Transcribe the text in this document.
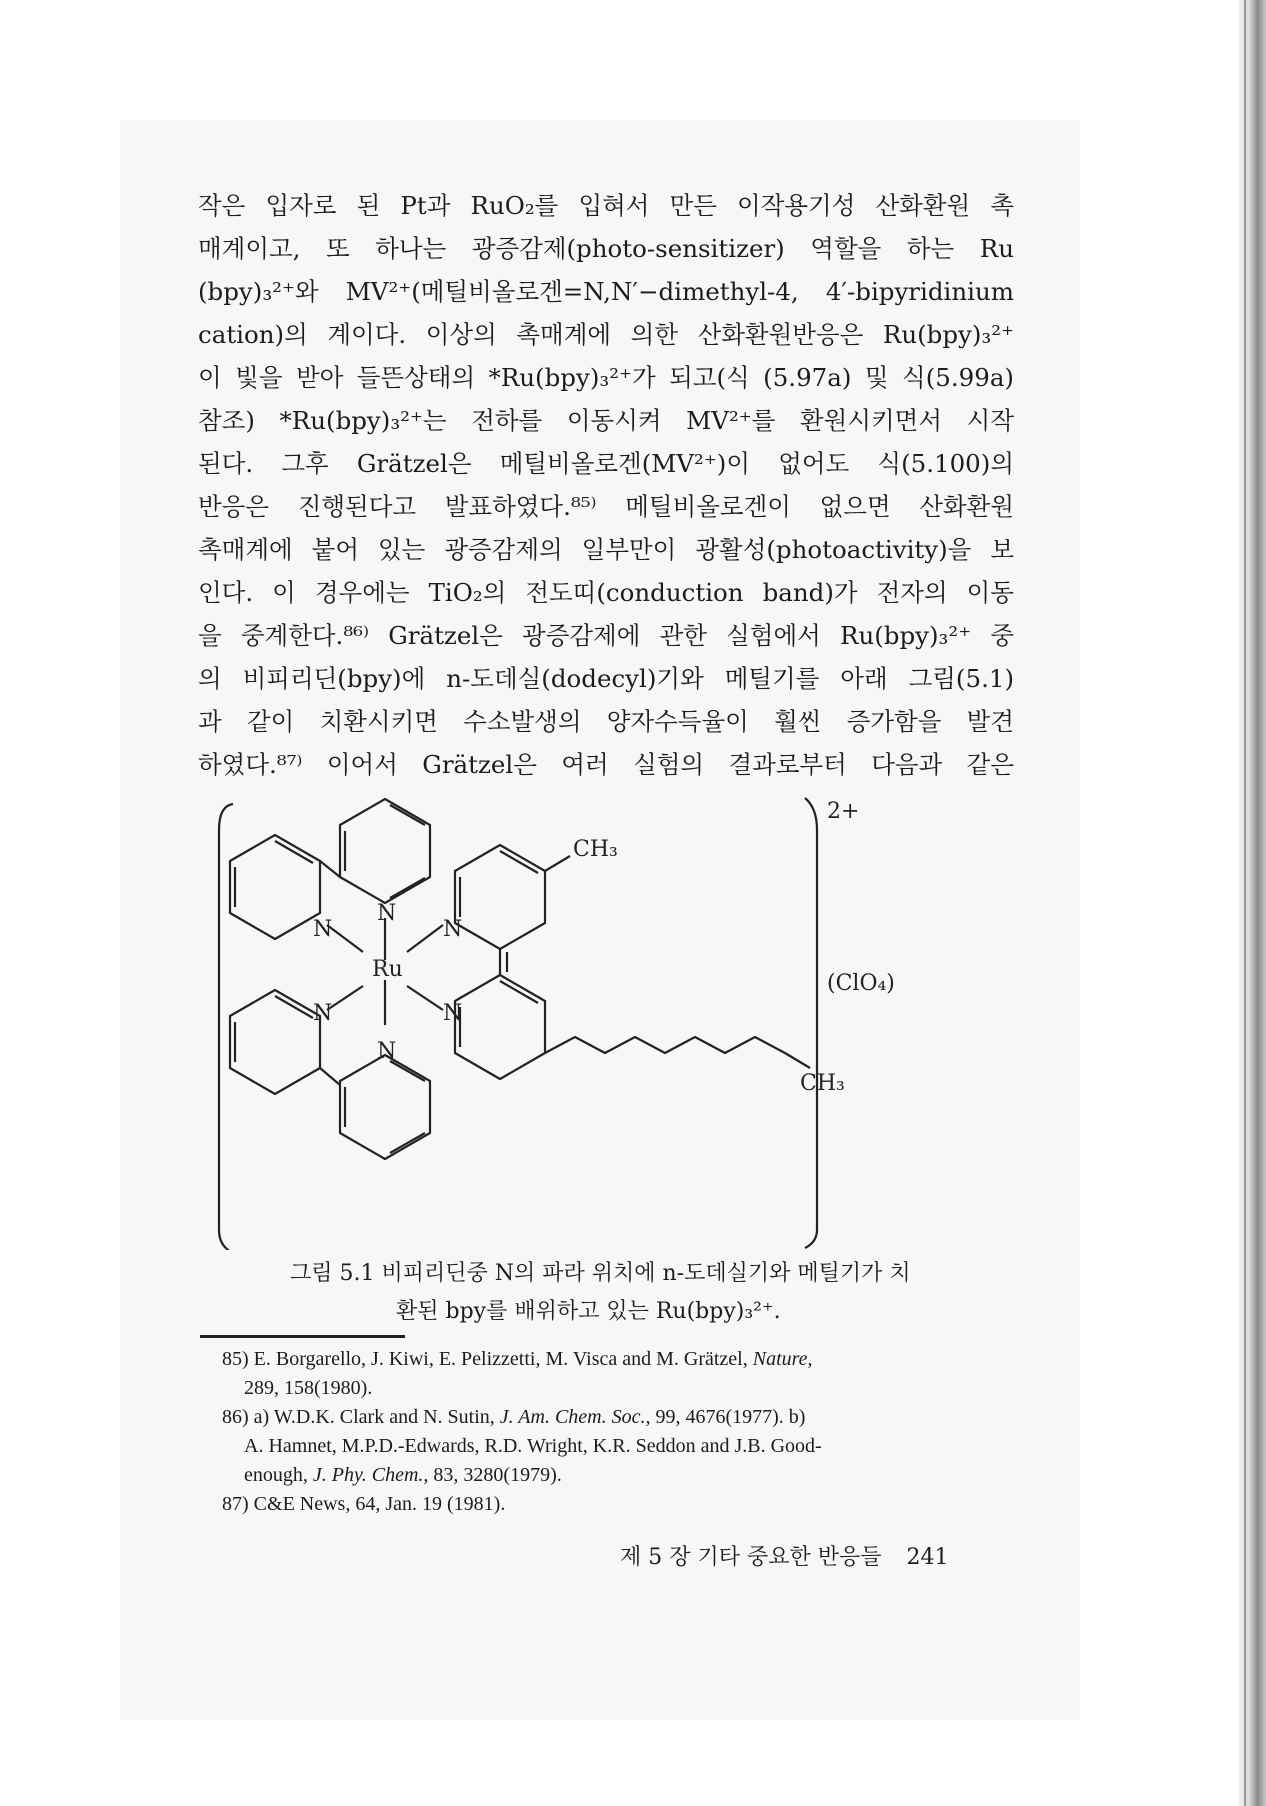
작은 입자로 된 Pt과 RuO₂를 입혀서 만든 이작용기성 산화환원 촉
매계이고, 또 하나는 광증감제(photo-sensitizer) 역할을 하는 Ru
(bpy)₃²⁺와 MV²⁺(메틸비올로겐=N,N′−dimethyl-4, 4′-bipyridinium
cation)의 계이다. 이상의 촉매계에 의한 산화환원반응은 Ru(bpy)₃²⁺
이 빛을 받아 들뜬상태의 *Ru(bpy)₃²⁺가 되고(식 (5.97a) 및 식(5.99a)
참조) *Ru(bpy)₃²⁺는 전하를 이동시켜 MV²⁺를 환원시키면서 시작
된다. 그후 Grätzel은 메틸비올로겐(MV²⁺)이 없어도 식(5.100)의
반응은 진행된다고 발표하였다.⁸⁵⁾ 메틸비올로겐이 없으면 산화환원
촉매계에 붙어 있는 광증감제의 일부만이 광활성(photoactivity)을 보
인다. 이 경우에는 TiO₂의 전도띠(conduction band)가 전자의 이동
을 중계한다.⁸⁶⁾ Grätzel은 광증감제에 관한 실험에서 Ru(bpy)₃²⁺ 중
의 비피리딘(bpy)에 n-도데실(dodecyl)기와 메틸기를 아래 그림(5.1)
과 같이 치환시키면 수소발생의 양자수득율이 훨씬 증가함을 발견
하였다.⁸⁷⁾ 이어서 Grätzel은 여러 실험의 결과로부터 다음과 같은
N
N	N
N	N
N
Ru
CH₃
CH₃
(ClO₄)
2+
그림 5.1 비피리딘중 N의 파라 위치에 n-도데실기와 메틸기가 치
환된 bpy를 배위하고 있는 Ru(bpy)₃²⁺.

85) E. Borgarello, J. Kiwi, E. Pelizzetti, M. Visca and M. Grätzel, Nature,
289, 158(1980).

86) a) W.D.K. Clark and N. Sutin, J. Am. Chem. Soc., 99, 4676(1977). b)
A. Hamnet, M.P.D.-Edwards, R.D. Wright, K.R. Seddon and J.B. Good-
enough, J. Phy. Chem., 83, 3280(1979).

87) C&E News, 64, Jan. 19 (1981).

제 5 장 기타 중요한 반응들 241
